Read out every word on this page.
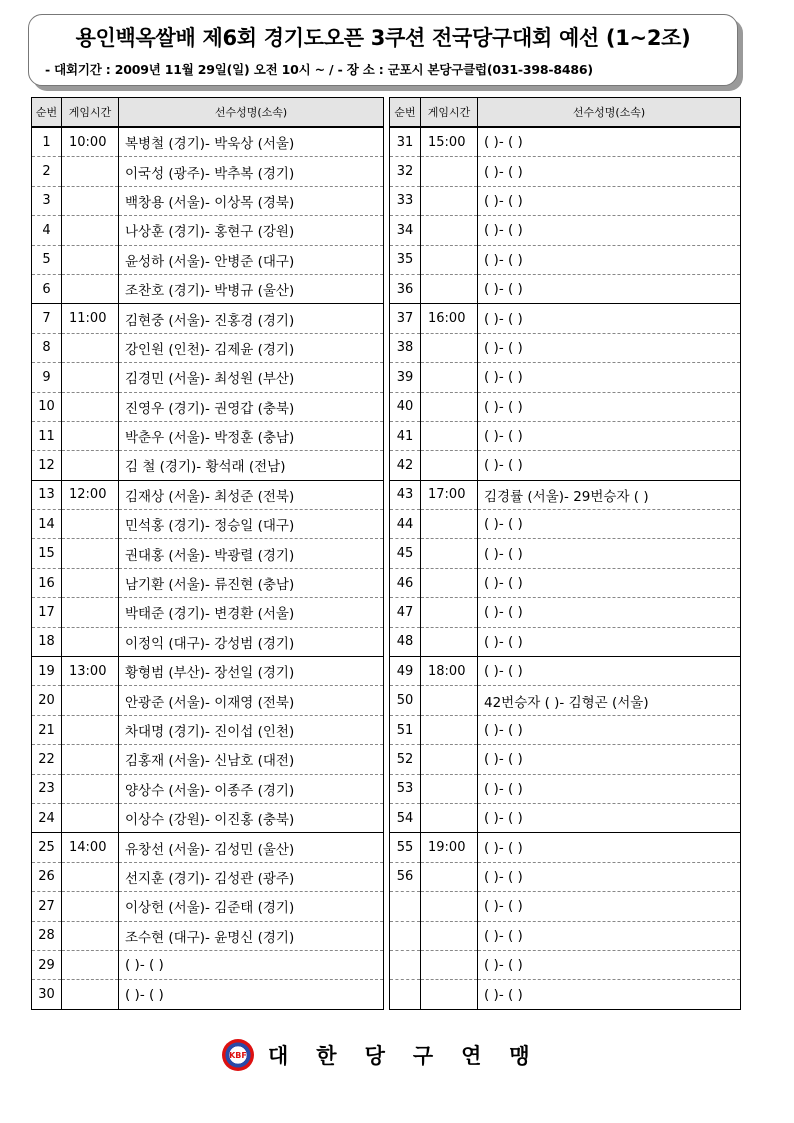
용인백옥쌀배 제6회 경기도오픈 3쿠션 전국당구대회 예선 (1~2조)
- 대회기간 : 2009년 11월 29일(일) 오전 10시 ~ / - 장 소 : 군포시 본당구클럽(031-398-8486)
순번	게임시간	선수성명(소속)
1	10:00	복병철 (경기)- 박욱상 (서울)
2		이국성 (광주)- 박추복 (경기)
3		백창용 (서울)- 이상목 (경북)
4		나상훈 (경기)- 홍현구 (강원)
5		윤성하 (서울)- 안병준 (대구)
6		조찬호 (경기)- 박병규 (울산)
7	11:00	김현중 (서울)- 진홍경 (경기)
8		강인원 (인천)- 김제윤 (경기)
9		김경민 (서울)- 최성원 (부산)
10		진영우 (경기)- 권영갑 (충북)
11		박춘우 (서울)- 박정훈 (충남)
12		김 철 (경기)- 황석래 (전남)
13	12:00	김재상 (서울)- 최성준 (전북)
14		민석홍 (경기)- 정승일 (대구)
15		권대홍 (서울)- 박광렬 (경기)
16		남기환 (서울)- 류진현 (충남)
17		박태준 (경기)- 변경환 (서울)
18		이정익 (대구)- 강성범 (경기)
19	13:00	황형범 (부산)- 장선일 (경기)
20		안광준 (서울)- 이재영 (전북)
21		차대명 (경기)- 진이섭 (인천)
22		김홍재 (서울)- 신남호 (대전)
23		양상수 (서울)- 이종주 (경기)
24		이상수 (강원)- 이진홍 (충북)
25	14:00	유창선 (서울)- 김성민 (울산)
26		선지훈 (경기)- 김성관 (광주)
27		이상헌 (서울)- 김준태 (경기)
28		조수현 (대구)- 윤명신 (경기)
29		( )- ( )
30		( )- ( )
순번	게임시간	선수성명(소속)
31	15:00	( )- ( )
32		( )- ( )
33		( )- ( )
34		( )- ( )
35		( )- ( )
36		( )- ( )
37	16:00	( )- ( )
38		( )- ( )
39		( )- ( )
40		( )- ( )
41		( )- ( )
42		( )- ( )
43	17:00	김경률 (서울)- 29번승자 ( )
44		( )- ( )
45		( )- ( )
46		( )- ( )
47		( )- ( )
48		( )- ( )
49	18:00	( )- ( )
50		42번승자 ( )- 김형곤 (서울)
51		( )- ( )
52		( )- ( )
53		( )- ( )
54		( )- ( )
55	19:00	( )- ( )
56		( )- ( )
		( )- ( )
		( )- ( )
		( )- ( )
		( )- ( )
KBF 대한당구연맹
